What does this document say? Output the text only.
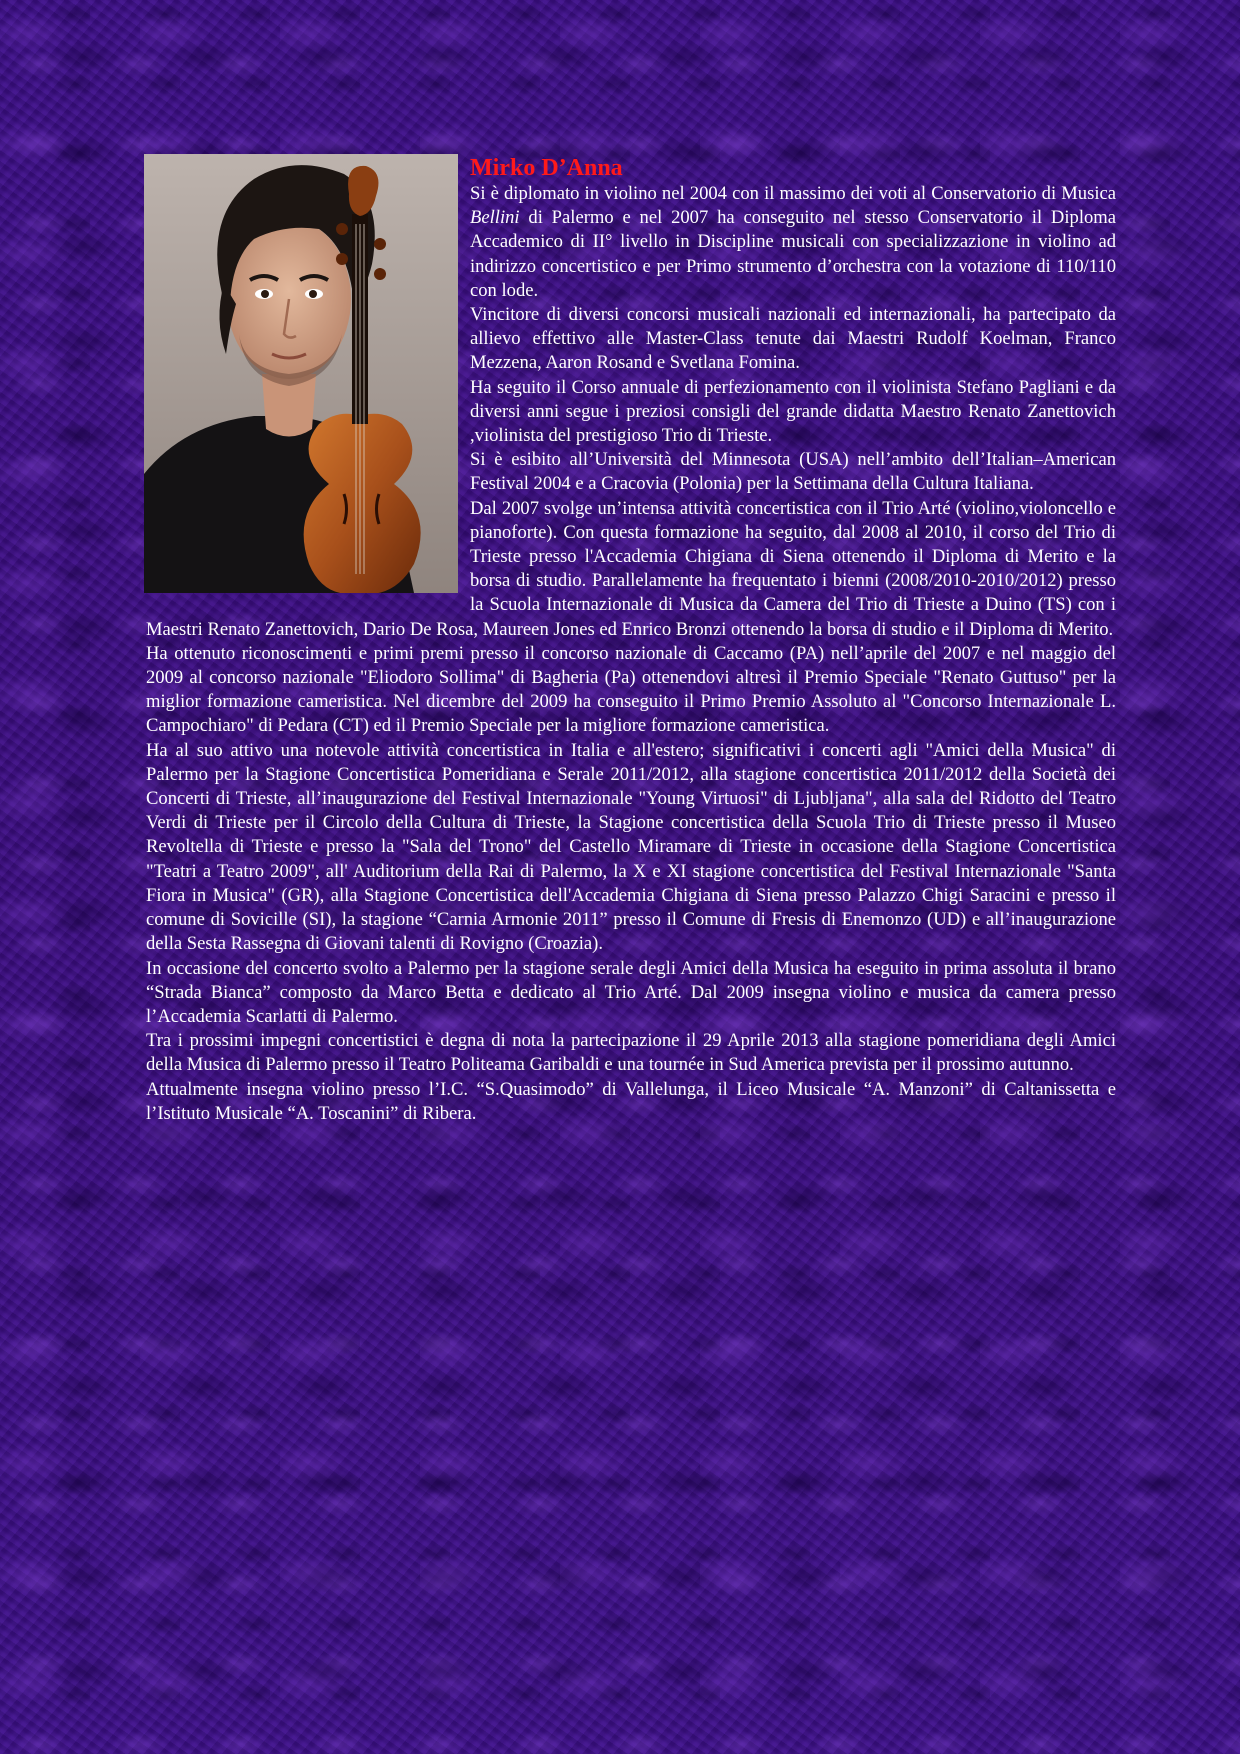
Mirko D’Anna

Si è diplomato in violino nel 2004 con il massimo dei voti al Conservatorio di Musica Bellini di Palermo e nel 2007 ha conseguito nel stesso Conservatorio il Diploma Accademico di II° livello in Discipline musicali con specializzazione in violino ad indirizzo concertistico e per Primo strumento d’orchestra con la votazione di 110/110 con lode.

Vincitore di diversi concorsi musicali nazionali ed internazionali, ha partecipato da allievo effettivo alle Master-Class tenute dai Maestri Rudolf Koelman, Franco Mezzena, Aaron Rosand e Svetlana Fomina.

Ha seguito il Corso annuale di perfezionamento con il violinista Stefano Pagliani e da diversi anni segue i preziosi consigli del grande didatta Maestro Renato Zanettovich ,violinista del prestigioso Trio di Trieste.

Si è esibito all’Università del Minnesota (USA) nell’ambito dell’Italian–American Festival 2004 e a Cracovia (Polonia) per la Settimana della Cultura Italiana.

Dal 2007 svolge un’intensa attività concertistica con il Trio Arté (violino,violoncello e pianoforte). Con questa formazione ha seguito, dal 2008 al 2010, il corso del Trio di Trieste presso l'Accademia Chigiana di Siena ottenendo il Diploma di Merito e la borsa di studio. Parallelamente ha frequentato i bienni (2008/2010-2010/2012) presso la Scuola Internazionale di Musica da Camera del Trio di Trieste a Duino (TS) con i Maestri Renato Zanettovich, Dario De Rosa, Maureen Jones ed Enrico Bronzi ottenendo la borsa di studio e il Diploma di Merito.

Ha ottenuto riconoscimenti e primi premi presso il concorso nazionale di Caccamo (PA) nell’aprile del 2007 e nel maggio del 2009 al concorso nazionale "Eliodoro Sollima" di Bagheria (Pa) ottenendovi altresì il Premio Speciale "Renato Guttuso" per la miglior formazione cameristica. Nel dicembre del 2009 ha conseguito il Primo Premio Assoluto al "Concorso Internazionale L. Campochiaro" di Pedara (CT) ed il Premio Speciale per la migliore formazione cameristica.

Ha al suo attivo una notevole attività concertistica in Italia e all'estero; significativi i concerti agli "Amici della Musica" di Palermo per la Stagione Concertistica Pomeridiana e Serale 2011/2012, alla stagione concertistica 2011/2012 della Società dei Concerti di Trieste, all’inaugurazione del Festival Internazionale "Young Virtuosi" di Ljubljana", alla sala del Ridotto del Teatro Verdi di Trieste per il Circolo della Cultura di Trieste, la Stagione concertistica della Scuola Trio di Trieste presso il Museo Revoltella di Trieste e presso la "Sala del Trono" del Castello Miramare di Trieste in occasione della Stagione Concertistica "Teatri a Teatro 2009", all' Auditorium della Rai di Palermo, la X e XI stagione concertistica del Festival Internazionale "Santa Fiora in Musica" (GR), alla Stagione Concertistica dell'Accademia Chigiana di Siena presso Palazzo Chigi Saracini e presso il comune di Sovicille (SI), la stagione “Carnia Armonie 2011” presso il Comune di Fresis di Enemonzo (UD) e all’inaugurazione della Sesta Rassegna di Giovani talenti di Rovigno (Croazia).

In occasione del concerto svolto a Palermo per la stagione serale degli Amici della Musica ha eseguito in prima assoluta il brano “Strada Bianca” composto da Marco Betta e dedicato al Trio Arté. Dal 2009 insegna violino e musica da camera presso l’Accademia Scarlatti di Palermo.

Tra i prossimi impegni concertistici è degna di nota la partecipazione il 29 Aprile 2013 alla stagione pomeridiana degli Amici della Musica di Palermo presso il Teatro Politeama Garibaldi e una tournée in Sud America prevista per il prossimo autunno.

Attualmente insegna violino presso l’I.C. “S.Quasimodo” di Vallelunga, il Liceo Musicale “A. Manzoni” di Caltanissetta e l’Istituto Musicale “A. Toscanini” di Ribera.
